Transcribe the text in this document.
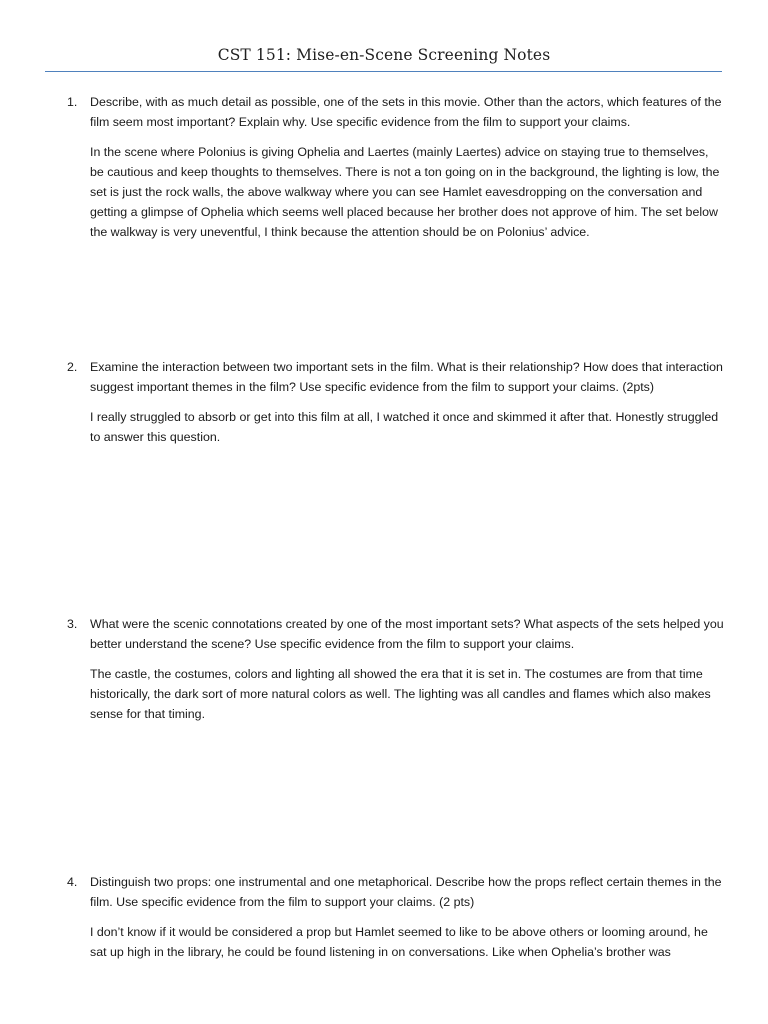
CST 151: Mise-en-Scene Screening Notes
1. Describe, with as much detail as possible, one of the sets in this movie. Other than the actors, which features of the film seem most important? Explain why. Use specific evidence from the film to support your claims.
In the scene where Polonius is giving Ophelia and Laertes (mainly Laertes) advice on staying true to themselves, be cautious and keep thoughts to themselves. There is not a ton going on in the background, the lighting is low, the set is just the rock walls, the above walkway where you can see Hamlet eavesdropping on the conversation and getting a glimpse of Ophelia which seems well placed because her brother does not approve of him. The set below the walkway is very uneventful, I think because the attention should be on Polonius’ advice.
2. Examine the interaction between two important sets in the film. What is their relationship? How does that interaction suggest important themes in the film? Use specific evidence from the film to support your claims. (2pts)
I really struggled to absorb or get into this film at all, I watched it once and skimmed it after that. Honestly struggled to answer this question.
3. What were the scenic connotations created by one of the most important sets? What aspects of the sets helped you better understand the scene? Use specific evidence from the film to support your claims.
The castle, the costumes, colors and lighting all showed the era that it is set in. The costumes are from that time historically, the dark sort of more natural colors as well. The lighting was all candles and flames which also makes sense for that timing.
4. Distinguish two props: one instrumental and one metaphorical. Describe how the props reflect certain themes in the film. Use specific evidence from the film to support your claims. (2 pts)
I don’t know if it would be considered a prop but Hamlet seemed to like to be above others or looming around, he sat up high in the library, he could be found listening in on conversations. Like when Ophelia’s brother was
